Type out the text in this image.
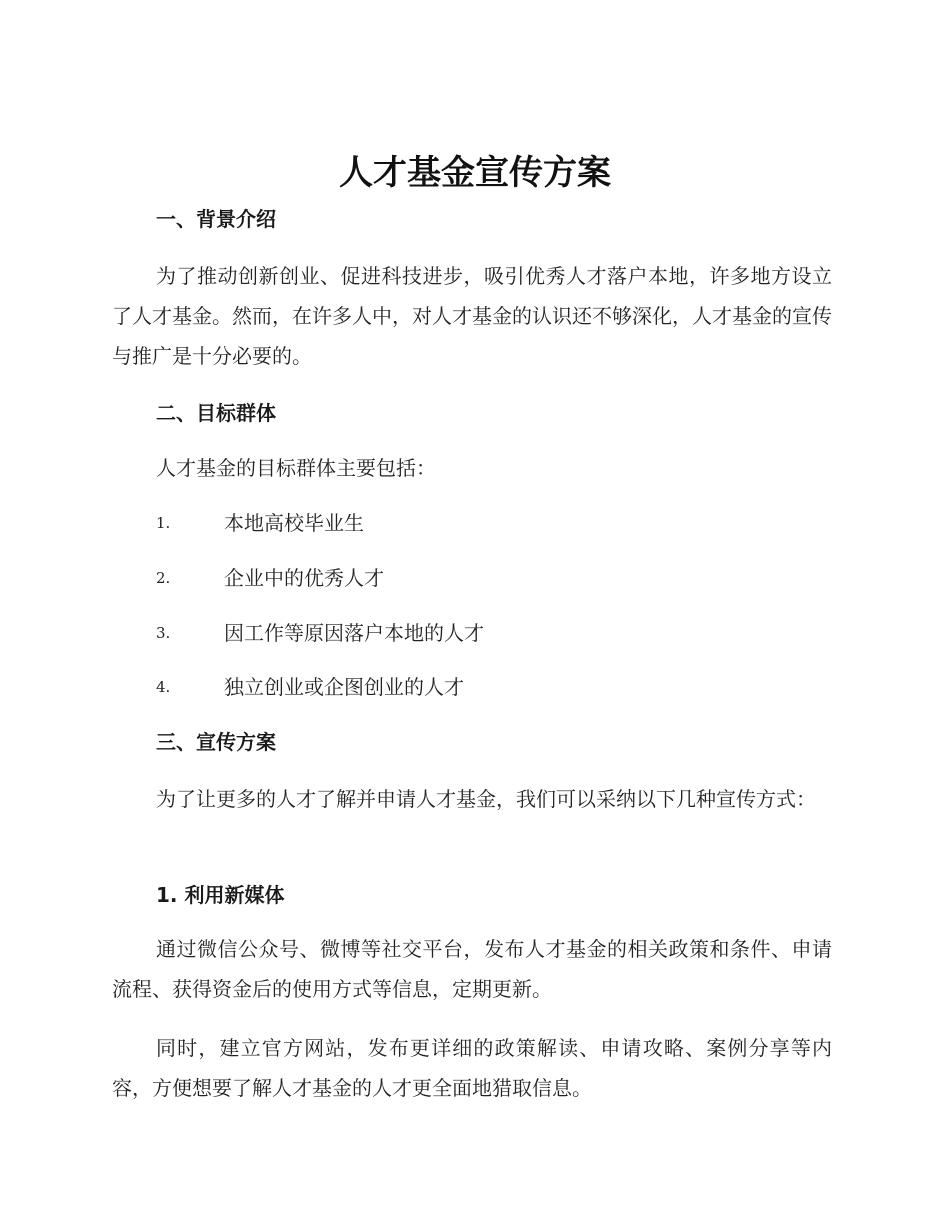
人才基金宣传方案
一、背景介绍

为了推动创新创业、促进科技进步，吸引优秀人才落户本地，许多地方设立了人才基金。然而，在许多人中，对人才基金的认识还不够深化，人才基金的宣传与推广是十分必要的。

二、目标群体

人才基金的目标群体主要包括：

1.	本地高校毕业生
2.	企业中的优秀人才
3.	因工作等原因落户本地的人才
4.	独立创业或企图创业的人才
三、宣传方案

为了让更多的人才了解并申请人才基金，我们可以采纳以下几种宣传方式：

1. 利用新媒体

通过微信公众号、微博等社交平台，发布人才基金的相关政策和条件、申请流程、获得资金后的使用方式等信息，定期更新。

同时，建立官方网站，发布更详细的政策解读、申请攻略、案例分享等内容，方便想要了解人才基金的人才更全面地猎取信息。
